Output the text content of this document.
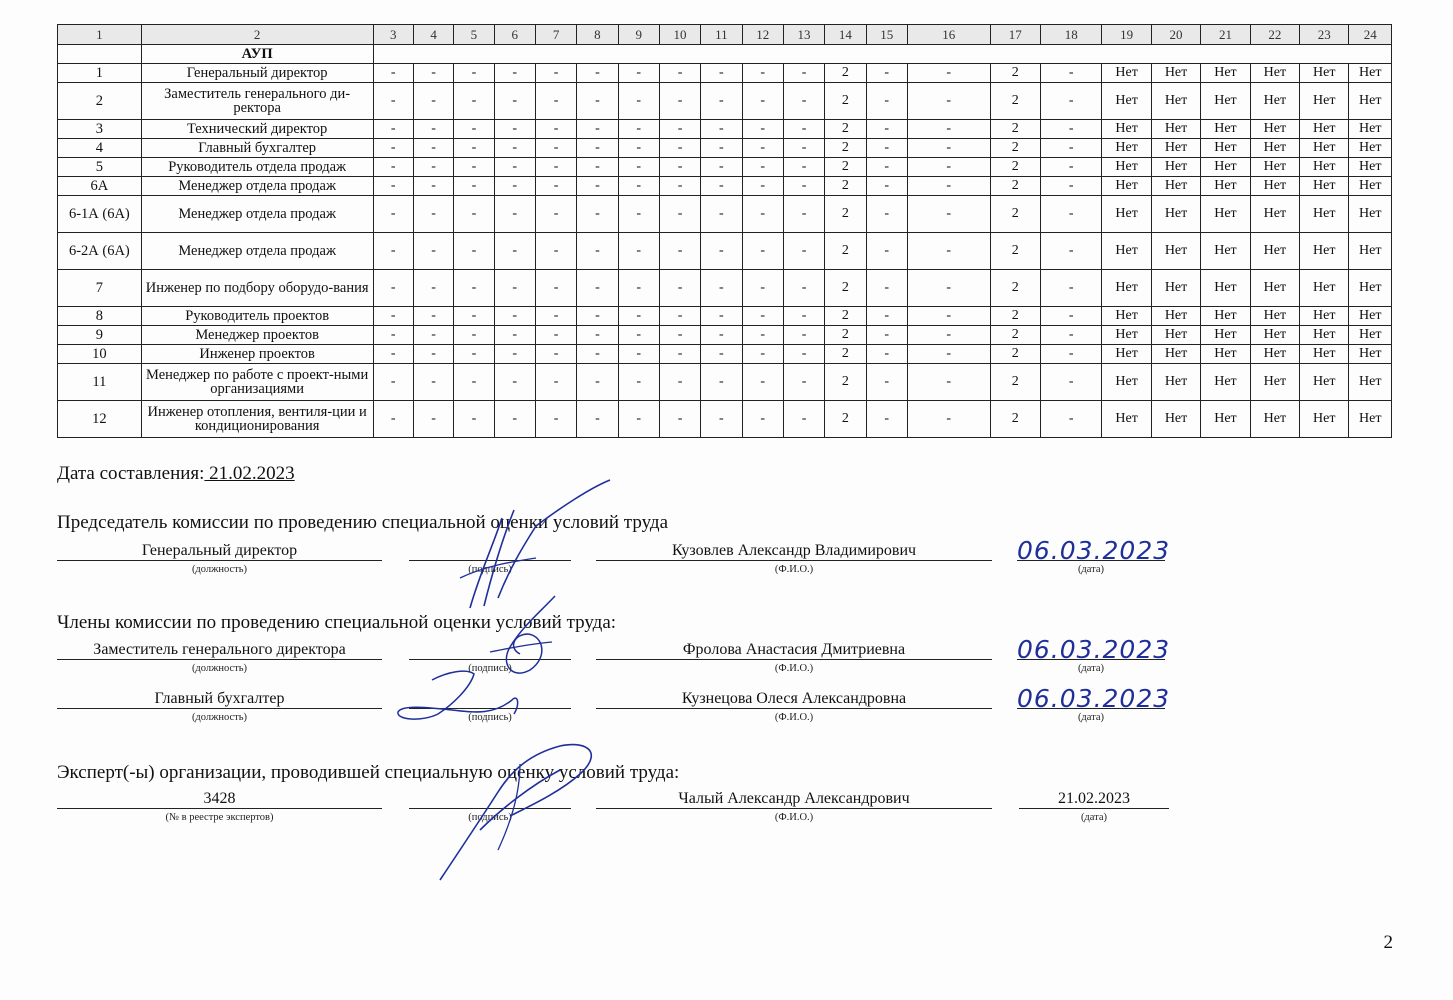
1	2	3	4	5	6	7	8	9	10	11	12	13	14	15	16	17	18	19	20	21	22	23	24
	АУП																						
1	Генеральный директор	-	-	-	-	-	-	-	-	-	-	-	2	-	-	2	-	Нет	Нет	Нет	Нет	Нет	Нет
2	Заместитель генерального ди-ректора	-	-	-	-	-	-	-	-	-	-	-	2	-	-	2	-	Нет	Нет	Нет	Нет	Нет	Нет
3	Технический директор	-	-	-	-	-	-	-	-	-	-	-	2	-	-	2	-	Нет	Нет	Нет	Нет	Нет	Нет
4	Главный бухгалтер	-	-	-	-	-	-	-	-	-	-	-	2	-	-	2	-	Нет	Нет	Нет	Нет	Нет	Нет
5	Руководитель отдела продаж	-	-	-	-	-	-	-	-	-	-	-	2	-	-	2	-	Нет	Нет	Нет	Нет	Нет	Нет
6А	Менеджер отдела продаж	-	-	-	-	-	-	-	-	-	-	-	2	-	-	2	-	Нет	Нет	Нет	Нет	Нет	Нет
6-1А (6А)	Менеджер отдела продаж	-	-	-	-	-	-	-	-	-	-	-	2	-	-	2	-	Нет	Нет	Нет	Нет	Нет	Нет
6-2А (6А)	Менеджер отдела продаж	-	-	-	-	-	-	-	-	-	-	-	2	-	-	2	-	Нет	Нет	Нет	Нет	Нет	Нет
7	Инженер по подбору оборудо-вания	-	-	-	-	-	-	-	-	-	-	-	2	-	-	2	-	Нет	Нет	Нет	Нет	Нет	Нет
8	Руководитель проектов	-	-	-	-	-	-	-	-	-	-	-	2	-	-	2	-	Нет	Нет	Нет	Нет	Нет	Нет
9	Менеджер проектов	-	-	-	-	-	-	-	-	-	-	-	2	-	-	2	-	Нет	Нет	Нет	Нет	Нет	Нет
10	Инженер проектов	-	-	-	-	-	-	-	-	-	-	-	2	-	-	2	-	Нет	Нет	Нет	Нет	Нет	Нет
11	Менеджер по работе с проект-ными организациями	-	-	-	-	-	-	-	-	-	-	-	2	-	-	2	-	Нет	Нет	Нет	Нет	Нет	Нет
12	Инженер отопления, вентиля-ции и кондиционирования	-	-	-	-	-	-	-	-	-	-	-	2	-	-	2	-	Нет	Нет	Нет	Нет	Нет	Нет
Дата составления: 21.02.2023
Председатель комиссии по проведению специальной оценки условий труда
Генеральный директор	Кузовлев Александр Владимирович	06.03.2023
(должность)	(подпись)	(Ф.И.О.)	(дата)
Члены комиссии по проведению специальной оценки условий труда:
Заместитель генерального директора	Фролова Анастасия Дмитриевна	06.03.2023
(должность)	(подпись)	(Ф.И.О.)	(дата)
Главный бухгалтер	Кузнецова Олеся Александровна	06.03.2023
(должность)	(подпись)	(Ф.И.О.)	(дата)
Эксперт(-ы) организации, проводившей специальную оценку условий труда:
3428	Чалый Александр Александрович	21.02.2023
(№ в реестре экспертов)	(подпись)	(Ф.И.О.)	(дата)
2
